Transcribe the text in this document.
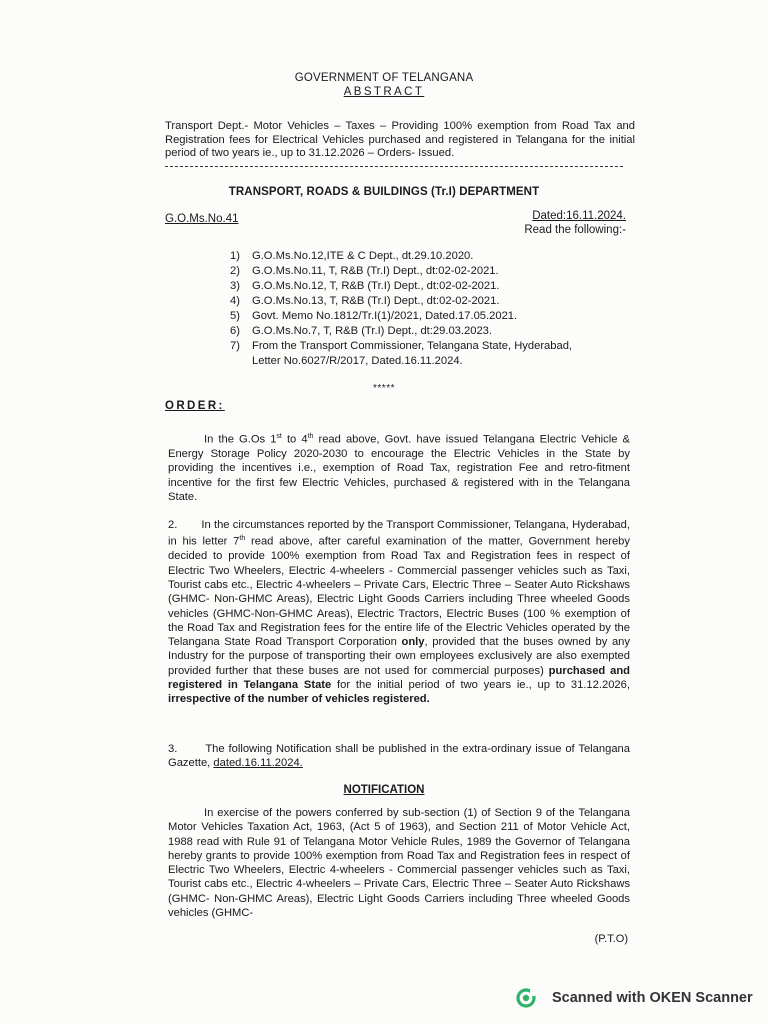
GOVERNMENT OF TELANGANA
ABSTRACT
Transport Dept.- Motor Vehicles – Taxes – Providing 100% exemption from Road Tax and Registration fees for Electrical Vehicles purchased and registered in Telangana for the initial period of two years ie., up to 31.12.2026 – Orders- Issued.
TRANSPORT, ROADS & BUILDINGS (Tr.I) DEPARTMENT
G.O.Ms.No.41	Dated:16.11.2024.
Read the following:-
1)	G.O.Ms.No.12,ITE & C Dept., dt.29.10.2020.
2)	G.O.Ms.No.11, T, R&B (Tr.I) Dept., dt:02-02-2021.
3)	G.O.Ms.No.12, T, R&B (Tr.I) Dept., dt:02-02-2021.
4)	G.O.Ms.No.13, T, R&B (Tr.I) Dept., dt:02-02-2021.
5)	Govt. Memo No.1812/Tr.I(1)/2021, Dated.17.05.2021.
6)	G.O.Ms.No.7, T, R&B (Tr.I) Dept., dt:29.03.2023.
7)	From the Transport Commissioner, Telangana State, Hyderabad,
Letter No.6027/R/2017, Dated.16.11.2024.
*****
ORDER:
In the G.Os 1st to 4th read above, Govt. have issued Telangana Electric Vehicle & Energy Storage Policy 2020-2030 to encourage the Electric Vehicles in the State by providing the incentives i.e., exemption of Road Tax, registration Fee and retro-fitment incentive for the first few Electric Vehicles, purchased & registered with in the Telangana State.
2. In the circumstances reported by the Transport Commissioner, Telangana, Hyderabad, in his letter 7th read above, after careful examination of the matter, Government hereby decided to provide 100% exemption from Road Tax and Registration fees in respect of Electric Two Wheelers, Electric 4-wheelers - Commercial passenger vehicles such as Taxi, Tourist cabs etc., Electric 4-wheelers – Private Cars, Electric Three – Seater Auto Rickshaws (GHMC- Non-GHMC Areas), Electric Light Goods Carriers including Three wheeled Goods vehicles (GHMC-Non-GHMC Areas), Electric Tractors, Electric Buses (100 % exemption of the Road Tax and Registration fees for the entire life of the Electric Vehicles operated by the Telangana State Road Transport Corporation only, provided that the buses owned by any Industry for the purpose of transporting their own employees exclusively are also exempted provided further that these buses are not used for commercial purposes) purchased and registered in Telangana State for the initial period of two years ie., up to 31.12.2026, irrespective of the number of vehicles registered.
3.	The following Notification shall be published in the extra-ordinary issue of Telangana Gazette, dated.16.11.2024.
NOTIFICATION
In exercise of the powers conferred by sub-section (1) of Section 9 of the Telangana Motor Vehicles Taxation Act, 1963, (Act 5 of 1963), and Section 211 of Motor Vehicle Act, 1988 read with Rule 91 of Telangana Motor Vehicle Rules, 1989 the Governor of Telangana hereby grants to provide 100% exemption from Road Tax and Registration fees in respect of Electric Two Wheelers, Electric 4-wheelers - Commercial passenger vehicles such as Taxi, Tourist cabs etc., Electric 4-wheelers – Private Cars, Electric Three – Seater Auto Rickshaws (GHMC- Non-GHMC Areas), Electric Light Goods Carriers including Three wheeled Goods vehicles (GHMC-
(P.T.O)
Scanned with OKEN Scanner
